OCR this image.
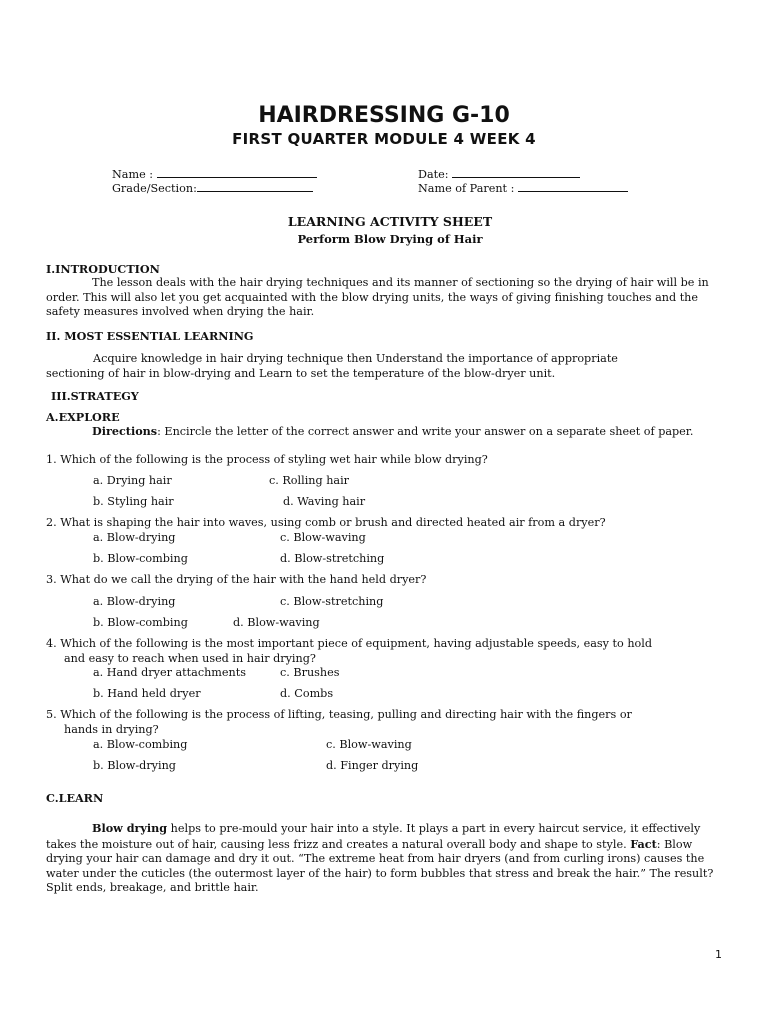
HAIRDRESSING G-10
FIRST QUARTER MODULE 4 WEEK 4
Name :	Date:
Grade/Section:	Name of Parent :
LEARNING ACTIVITY SHEET
Perform Blow Drying of Hair
I.INTRODUCTION
The lesson deals with the hair drying techniques and its manner of sectioning so the drying of hair will be in order. This will also let you get acquainted with the blow drying units, the ways of giving finishing touches and the safety measures involved when drying the hair.
II. MOST ESSENTIAL LEARNING
Acquire knowledge in hair drying technique then Understand the importance of appropriate
sectioning of hair in blow-drying and Learn to set the temperature of the blow-dryer unit.
III.STRATEGY
A.EXPLORE
Directions: Encircle the letter of the correct answer and write your answer on a separate sheet of paper.
1. Which of the following is the process of styling wet hair while blow drying?
a. Drying hair	c. Rolling hair
b. Styling hair	d. Waving hair
2. What is shaping the hair into waves, using comb or brush and directed heated air from a dryer?
a. Blow-drying	c. Blow-waving
b. Blow-combing	d. Blow-stretching
3. What do we call the drying of the hair with the hand held dryer?
a. Blow-drying	c. Blow-stretching
b. Blow-combing	d. Blow-waving
4. Which of the following is the most important piece of equipment, having adjustable speeds, easy to hold
and easy to reach when used in hair drying?
a. Hand dryer attachments	c. Brushes
b. Hand held dryer	d. Combs
5. Which of the following is the process of lifting, teasing, pulling and directing hair with the fingers or
hands in drying?
a. Blow-combing	c. Blow-waving
b. Blow-drying	d. Finger drying
C.LEARN
Blow drying helps to pre-mould your hair into a style. It plays a part in every haircut service, it effectively takes the moisture out of hair, causing less frizz and creates a natural overall body and shape to style. Fact: Blow drying your hair can damage and dry it out. “The extreme heat from hair dryers (and from curling irons) causes the water under the cuticles (the outermost layer of the hair) to form bubbles that stress and break the hair.” The result? Split ends, breakage, and brittle hair.
1
